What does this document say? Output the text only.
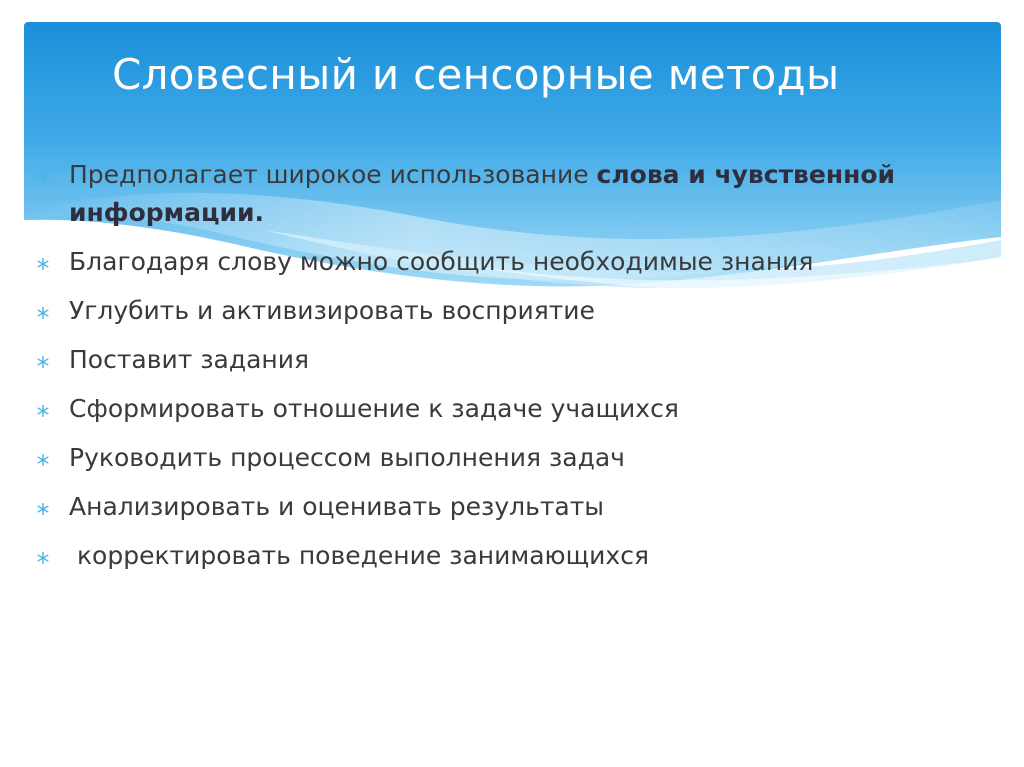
Словесный и сенсорные методы
Предполагает широкое использование слова и чувственной информации.
Благодаря слову можно сообщить необходимые знания
Углубить и активизировать восприятие
Поставит задания
Сформировать отношение к задаче учащихся
Руководить процессом выполнения задач
Анализировать и оценивать результаты
корректировать поведение занимающихся
